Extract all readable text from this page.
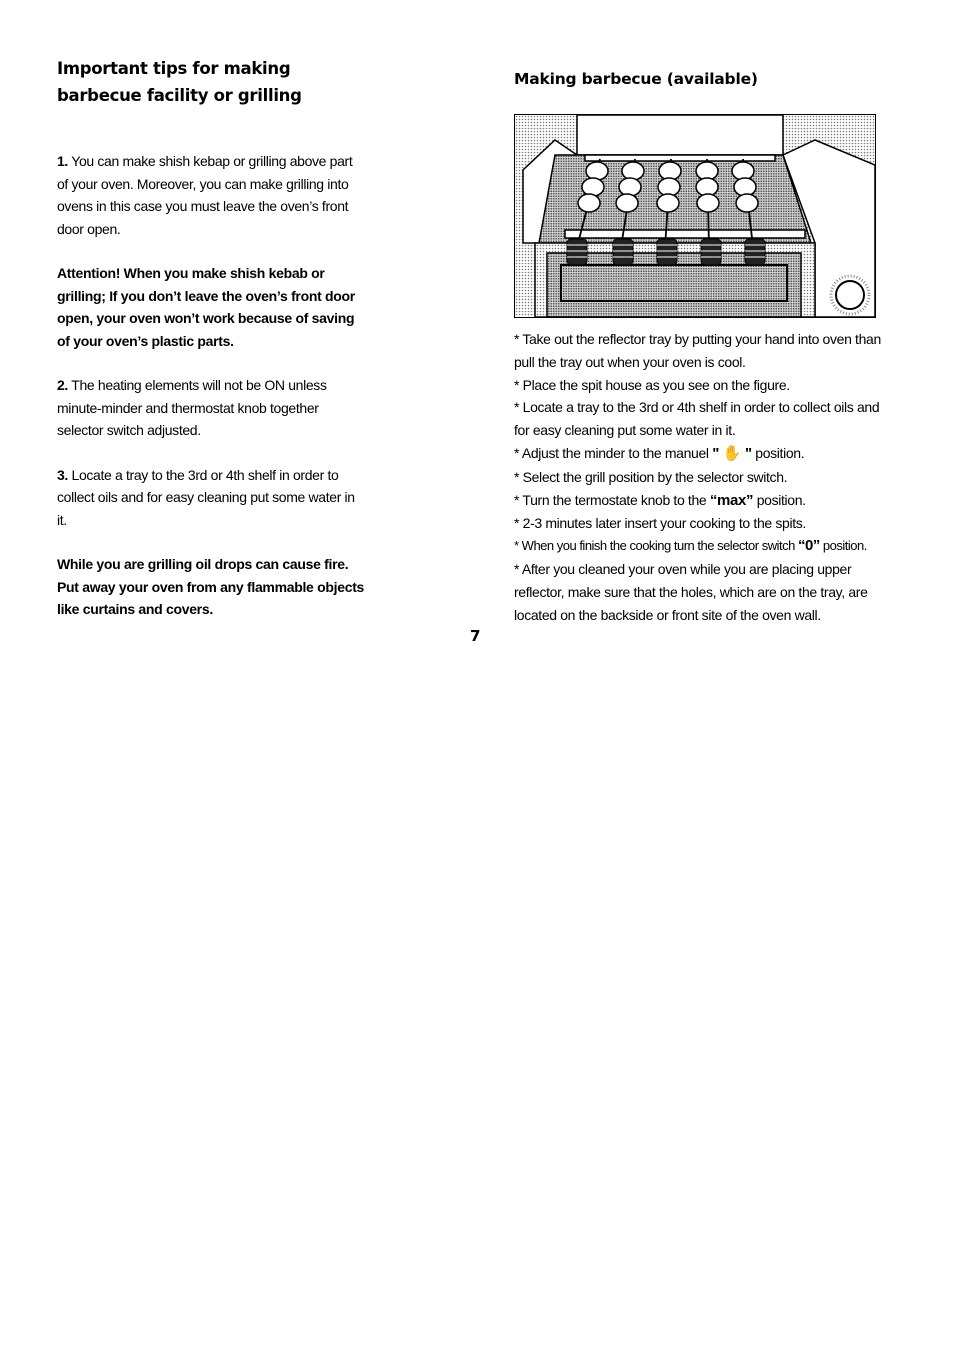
Important tips for making
barbecue facility or grilling

1. You can make shish kebap or grilling above part of your oven. Moreover, you can make grilling into ovens in this case you must leave the oven’s front door open.

Attention! When you make shish kebab or grilling; If you don’t leave the oven’s front door open, your oven won’t work because of saving of your oven’s plastic parts.

2. The heating elements will not be ON unless minute-minder and thermostat knob together selector switch adjusted.

3. Locate a tray to the 3rd or 4th shelf in order to collect oils and for easy cleaning put some water in it.

While you are grilling oil drops can cause fire.
Put away your oven from any flammable objects
like curtains and covers.

Making barbecue (available)

* Take out the reflector tray by putting your hand into oven than pull the tray out when your oven is cool.

* Place the spit house as you see on the figure.

* Locate a tray to the 3rd or 4th shelf in order to collect oils and for easy cleaning put some water in it.

* Adjust the minder to the manuel " ✋ " position.

* Select the grill position by the selector switch.

* Turn the termostate knob to the “max” position.

* 2-3 minutes later insert your cooking to the spits.

* When you finish the cooking turn the selector switch “0” position.

* After you cleaned your oven while you are placing upper reflector, make sure that the holes, which are on the tray, are located on the backside or front site of the oven wall.

7
